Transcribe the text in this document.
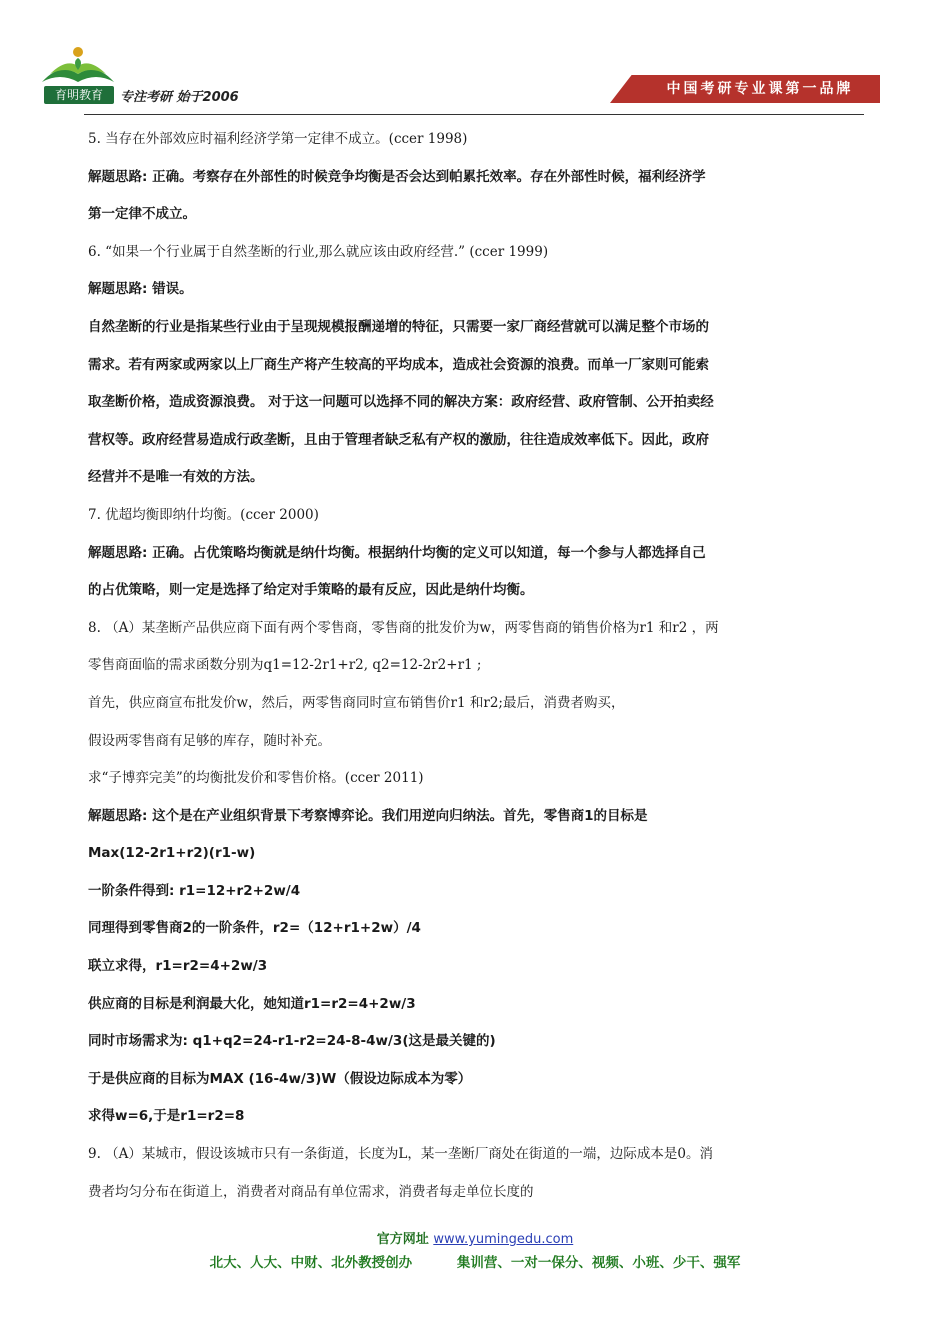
育明教育	专注考研 始于2006
中国考研专业课第一品牌
5. 当存在外部效应时福利经济学第一定律不成立。(ccer 1998)
解题思路: 正确。考察存在外部性的时候竞争均衡是否会达到帕累托效率。存在外部性时候，福利经济学
第一定律不成立。
6. “如果一个行业属于自然垄断的行业,那么就应该由政府经营.” (ccer 1999)
解题思路: 错误。
自然垄断的行业是指某些行业由于呈现规模报酬递增的特征，只需要一家厂商经营就可以满足整个市场的
需求。若有两家或两家以上厂商生产将产生较高的平均成本，造成社会资源的浪费。而单一厂家则可能索
取垄断价格，造成资源浪费。 对于这一问题可以选择不同的解决方案：政府经营、政府管制、公开拍卖经
营权等。政府经营易造成行政垄断，且由于管理者缺乏私有产权的激励，往往造成效率低下。因此，政府
经营并不是唯一有效的方法。
7. 优超均衡即纳什均衡。(ccer 2000)
解题思路: 正确。占优策略均衡就是纳什均衡。根据纳什均衡的定义可以知道，每一个参与人都选择自己
的占优策略，则一定是选择了给定对手策略的最有反应，因此是纳什均衡。
8. （A）某垄断产品供应商下面有两个零售商，零售商的批发价为w，两零售商的销售价格为r1 和r2 ，两
零售商面临的需求函数分别为q1=12-2r1+r2, q2=12-2r2+r1 ;
首先，供应商宣布批发价w，然后，两零售商同时宣布销售价r1 和r2;最后，消费者购买，
假设两零售商有足够的库存，随时补充。
求“子博弈完美”的均衡批发价和零售价格。(ccer 2011)
解题思路: 这个是在产业组织背景下考察博弈论。我们用逆向归纳法。首先，零售商1的目标是
Max(12-2r1+r2)(r1-w)
一阶条件得到: r1=12+r2+2w/4
同理得到零售商2的一阶条件，r2=（12+r1+2w）/4
联立求得，r1=r2=4+2w/3
供应商的目标是利润最大化，她知道r1=r2=4+2w/3
同时市场需求为: q1+q2=24-r1-r2=24-8-4w/3(这是最关键的)
于是供应商的目标为MAX (16-4w/3)W（假设边际成本为零）
求得w=6,于是r1=r2=8
9. （A）某城市，假设该城市只有一条街道，长度为L，某一垄断厂商处在街道的一端，边际成本是0。消
费者均匀分布在街道上，消费者对商品有单位需求，消费者每走单位长度的
官方网址 www.yumingedu.com
北大、人大、中财、北外教授创办	集训营、一对一保分、视频、小班、少干、强军
